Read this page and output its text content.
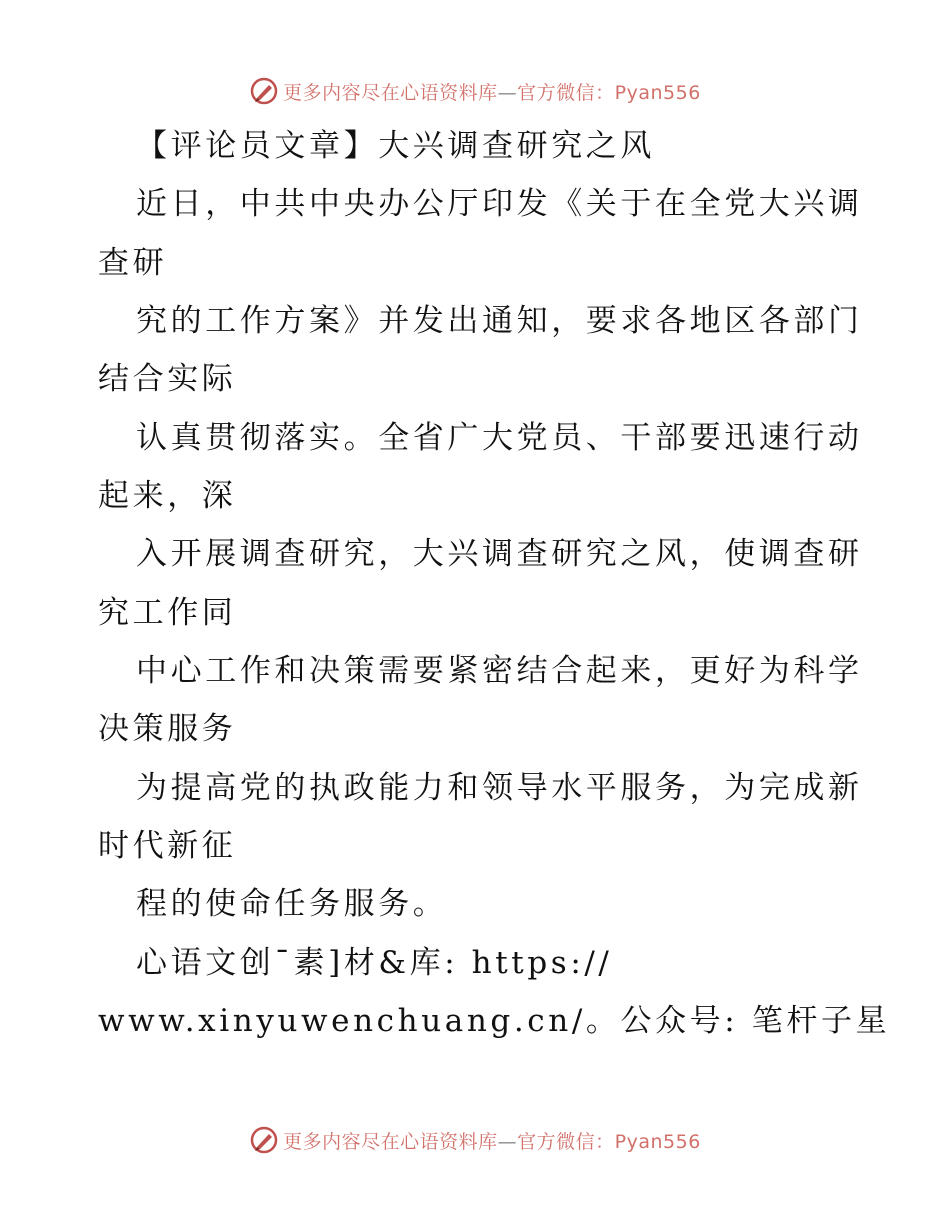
更多内容尽在心语资料库—官方微信：Pyan556
【评论员文章】大兴调查研究之风
近日，中共中央办公厅印发《关于在全党大兴调
查研
究的工作方案》并发出通知，要求各地区各部门
结合实际
认真贯彻落实。全省广大党员、干部要迅速行动
起来，深
入开展调查研究，大兴调查研究之风，使调查研
究工作同
中心工作和决策需要紧密结合起来，更好为科学
决策服务
为提高党的执政能力和领导水平服务，为完成新
时代新征
程的使命任务服务。
心语文创¯素]材&库: https://
www.xinyuwenchuang.cn/。公众号: 笔杆子星
更多内容尽在心语资料库—官方微信：Pyan556
